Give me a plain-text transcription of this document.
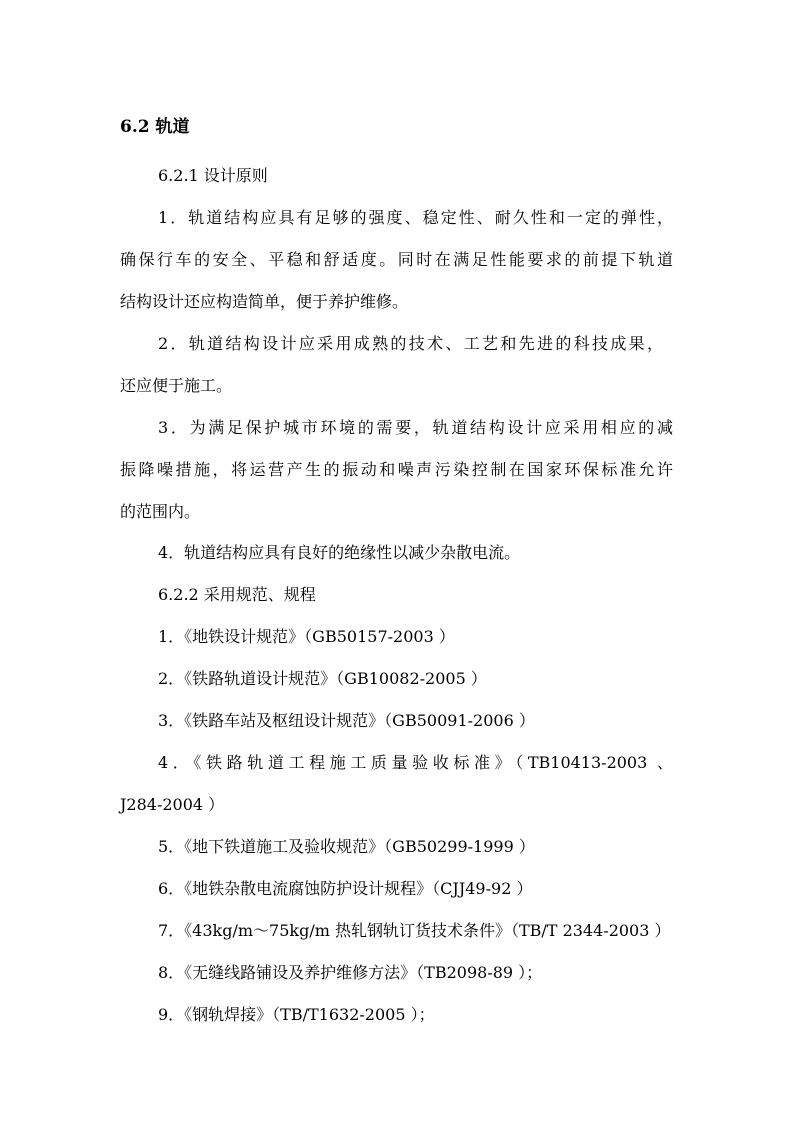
6.2 轨道
6.2.1 设计原则
1．轨道结构应具有足够的强度、稳定性、耐久性和一定的弹性，
确保行车的安全、平稳和舒适度。同时在满足性能要求的前提下轨道
结构设计还应构造简单，便于养护维修。
2．轨道结构设计应采用成熟的技术、工艺和先进的科技成果，
还应便于施工。
3．为满足保护城市环境的需要，轨道结构设计应采用相应的减
振降噪措施，将运营产生的振动和噪声污染控制在国家环保标准允许
的范围内。
4．轨道结构应具有良好的绝缘性以减少杂散电流。
6.2.2 采用规范、规程
1．《地铁设计规范》（GB50157-2003 ）
2．《铁路轨道设计规范》（GB10082-2005 ）
3．《铁路车站及枢纽设计规范》（GB50091-2006 ）
4．《铁路轨道工程施工质量验收标准》（TB10413-2003 、
J284-2004 ）
5．《地下铁道施工及验收规范》（GB50299-1999 ）
6．《地铁杂散电流腐蚀防护设计规程》（CJJ49-92 ）
7．《43kg/m～75kg/m 热轧钢轨订货技术条件》（TB/T 2344-2003 ）
8．《无缝线路铺设及养护维修方法》（TB2098-89 ）；
9．《钢轨焊接》（TB/T1632-2005 ）；
